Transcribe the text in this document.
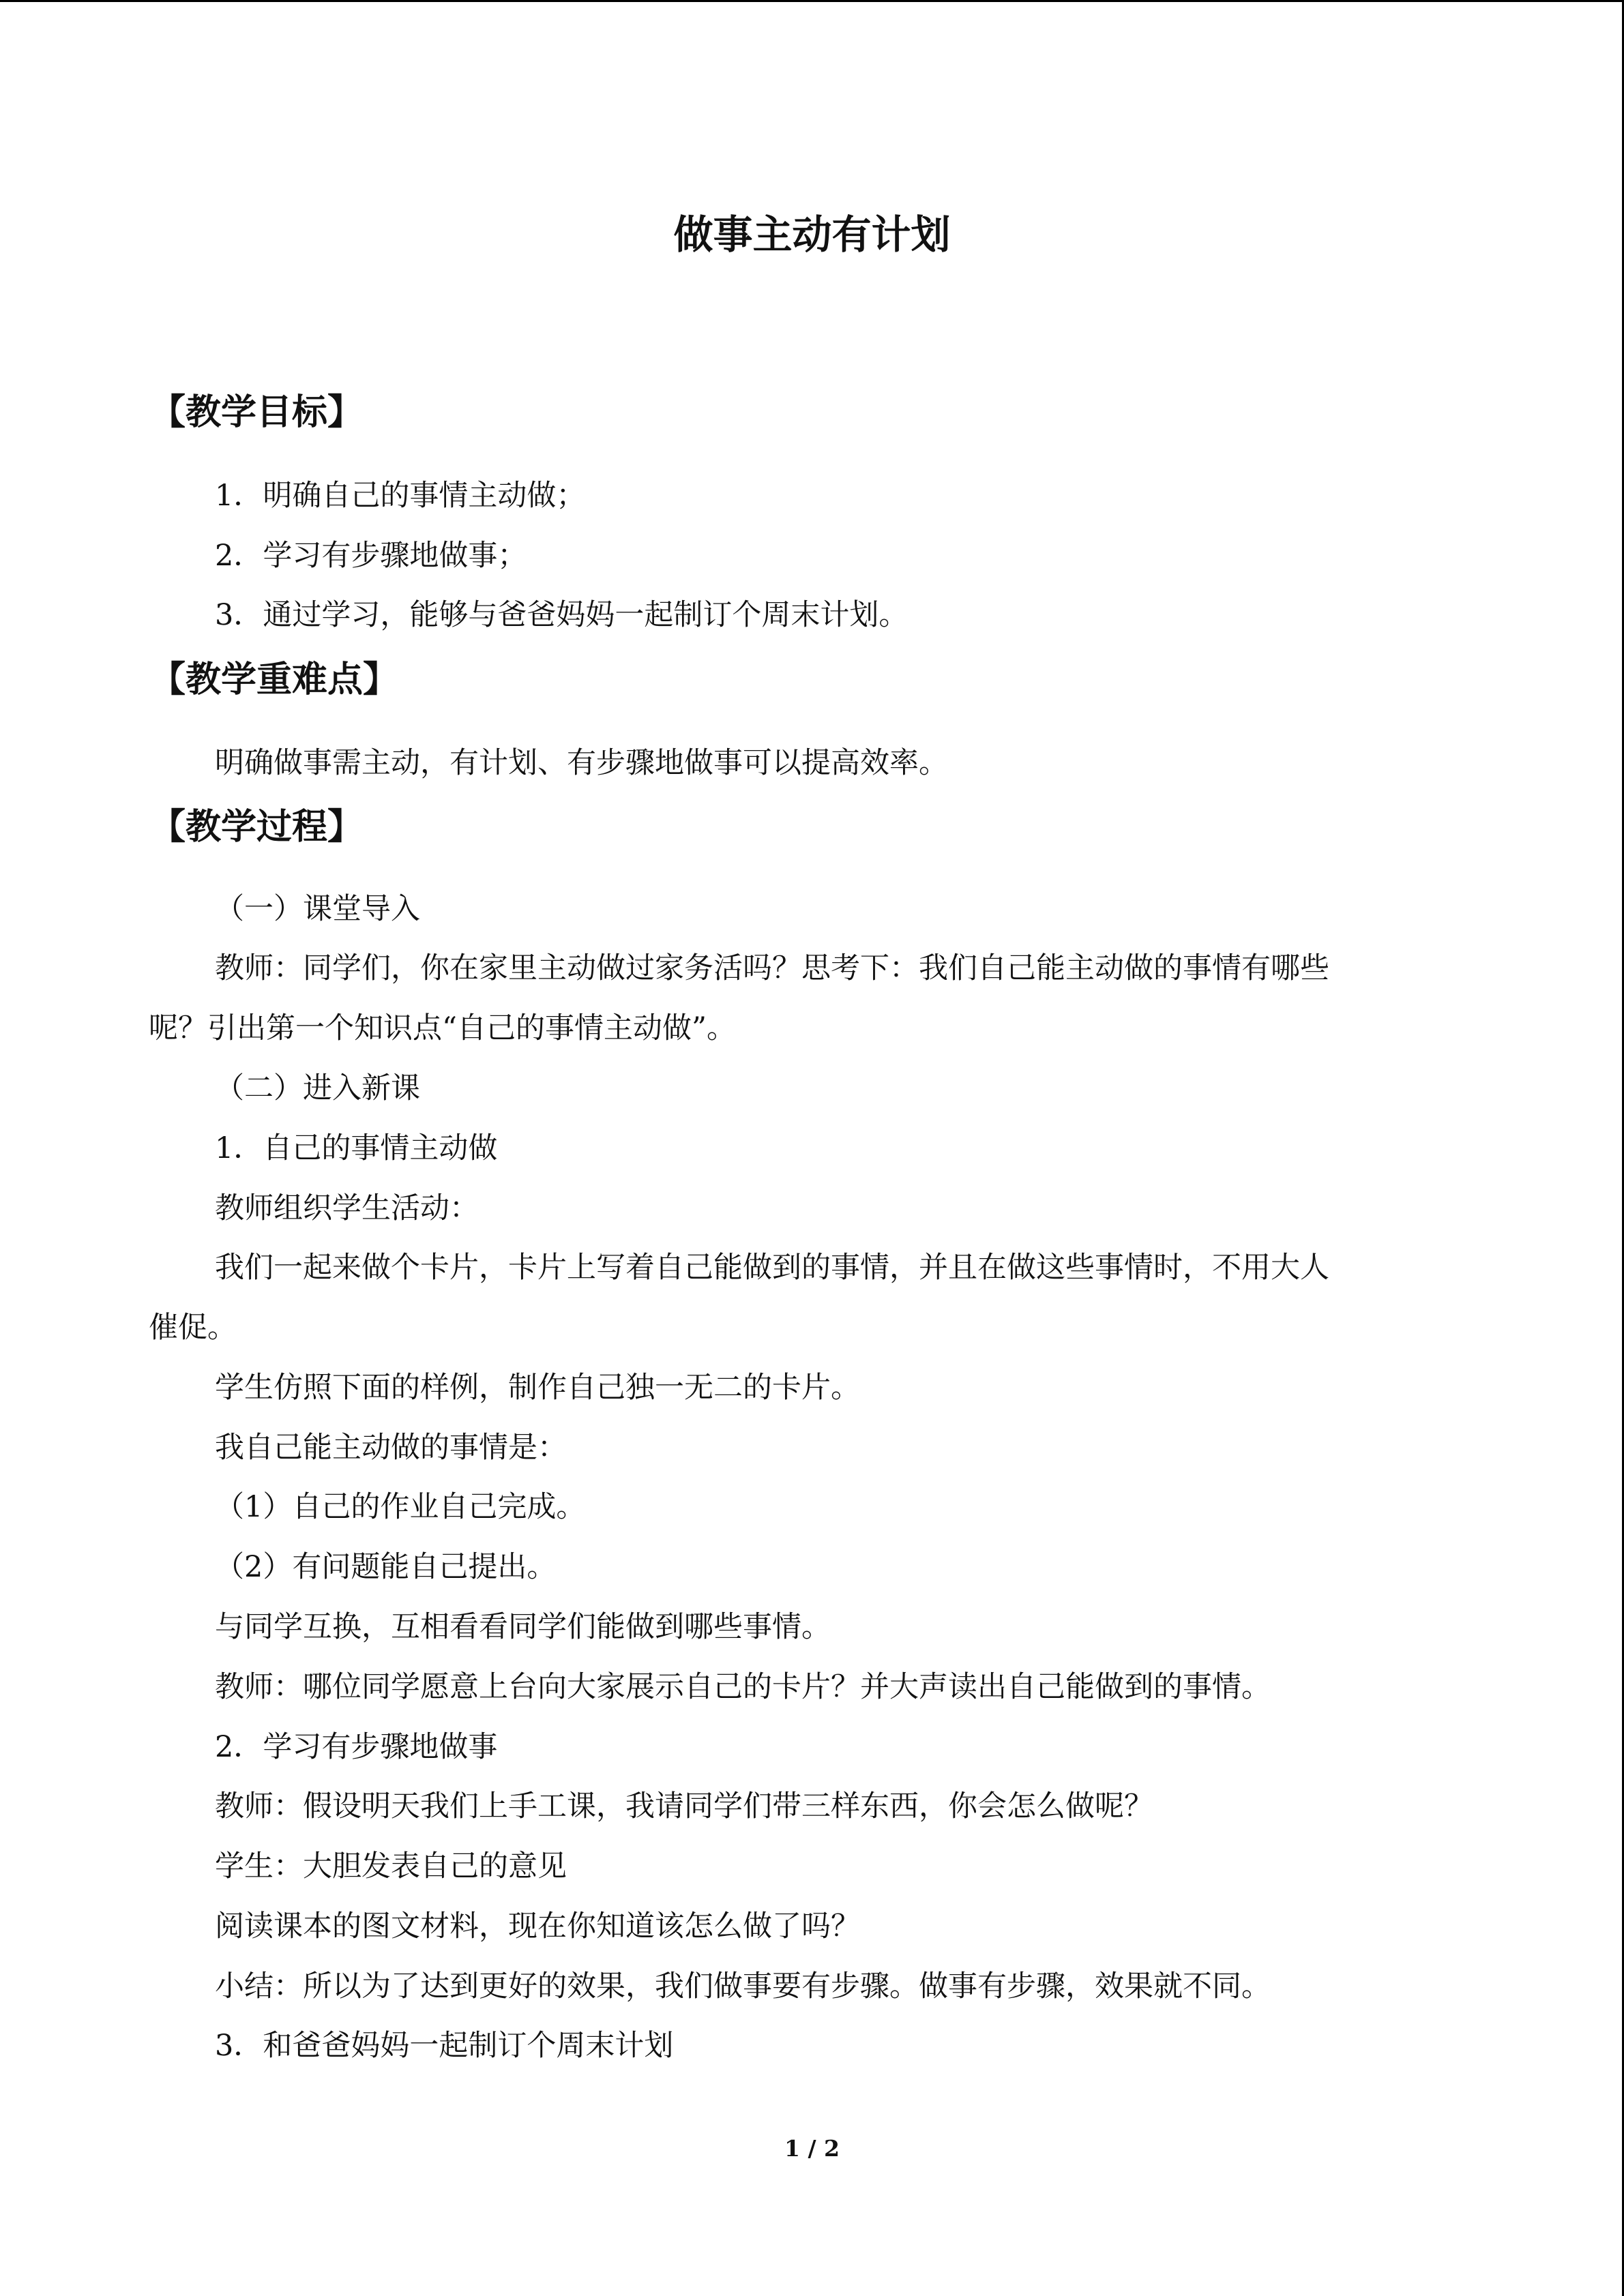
做事主动有计划
【教学目标】
1．明确自己的事情主动做；
2．学习有步骤地做事；
3．通过学习，能够与爸爸妈妈一起制订个周末计划。
【教学重难点】
明确做事需主动，有计划、有步骤地做事可以提高效率。
【教学过程】
（一）课堂导入
教师：同学们，你在家里主动做过家务活吗？思考下：我们自己能主动做的事情有哪些
呢？引出第一个知识点“自己的事情主动做”。
（二）进入新课
1．自己的事情主动做
教师组织学生活动：
我们一起来做个卡片，卡片上写着自己能做到的事情，并且在做这些事情时，不用大人
催促。
学生仿照下面的样例，制作自己独一无二的卡片。
我自己能主动做的事情是：
（1）自己的作业自己完成。
（2）有问题能自己提出。
与同学互换，互相看看同学们能做到哪些事情。
教师：哪位同学愿意上台向大家展示自己的卡片？并大声读出自己能做到的事情。
2．学习有步骤地做事
教师：假设明天我们上手工课，我请同学们带三样东西，你会怎么做呢？
学生：大胆发表自己的意见
阅读课本的图文材料，现在你知道该怎么做了吗？
小结：所以为了达到更好的效果，我们做事要有步骤。做事有步骤，效果就不同。
3．和爸爸妈妈一起制订个周末计划
1 / 2
